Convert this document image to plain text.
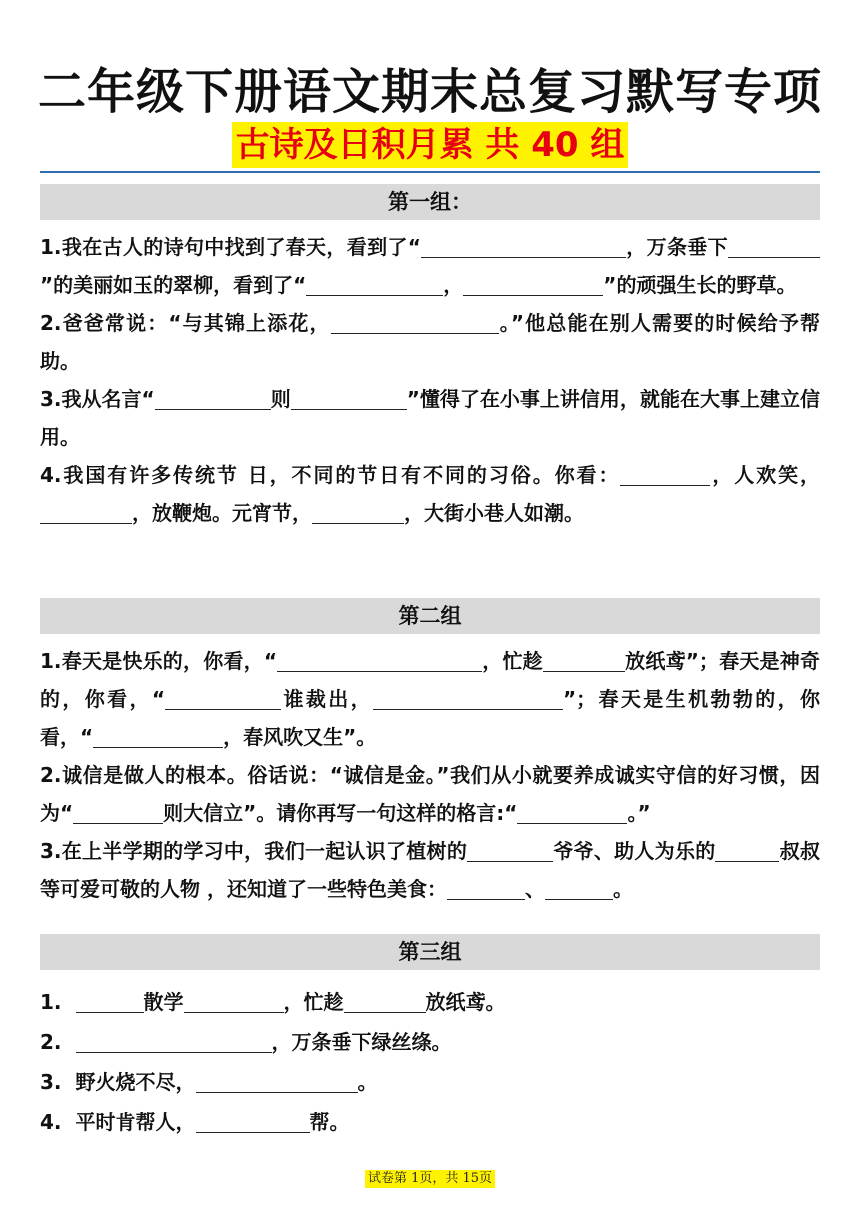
二年级下册语文期末总复习默写专项
古诗及日积月累 共 40 组
第一组：

1.我在古人的诗句中找到了春天，看到了“	，万条垂下”的美丽如玉的翠柳，看到了“	，	”的顽强生长的野草。

2.爸爸常说：“与其锦上添花，	。”他总能在别人需要的时候给予帮助。

3.我从名言“	则	”懂得了在小事上讲信用，就能在大事上建立信用。

4.我国有许多传统节 日，不同的节日有不同的习俗。你看：	，人欢笑，，放鞭炮。元宵节，	，大街小巷人如潮。

第二组

1.春天是快乐的，你看，“	，忙趁	放纸鸢”；春天是神奇的，你看，“	谁裁出，	”；春天是生机勃勃的，你看，“	，春风吹又生”。

2.诚信是做人的根本。俗话说：“诚信是金。”我们从小就要养成诚实守信的好习惯，因为“	则大信立”。请你再写一句这样的格言:“	。”

3.在上半学期的学习中，我们一起认识了植树的	爷爷、助人为乐的	叔叔等可爱可敬的人物 ，还知道了一些特色美食：	、	。

第三组

1.	散学	，忙趁	放纸鸢。

2.	，万条垂下绿丝绦。

3. 野火烧不尽，	。

4. 平时肯帮人，	帮。

试卷第 1页，共 15页
